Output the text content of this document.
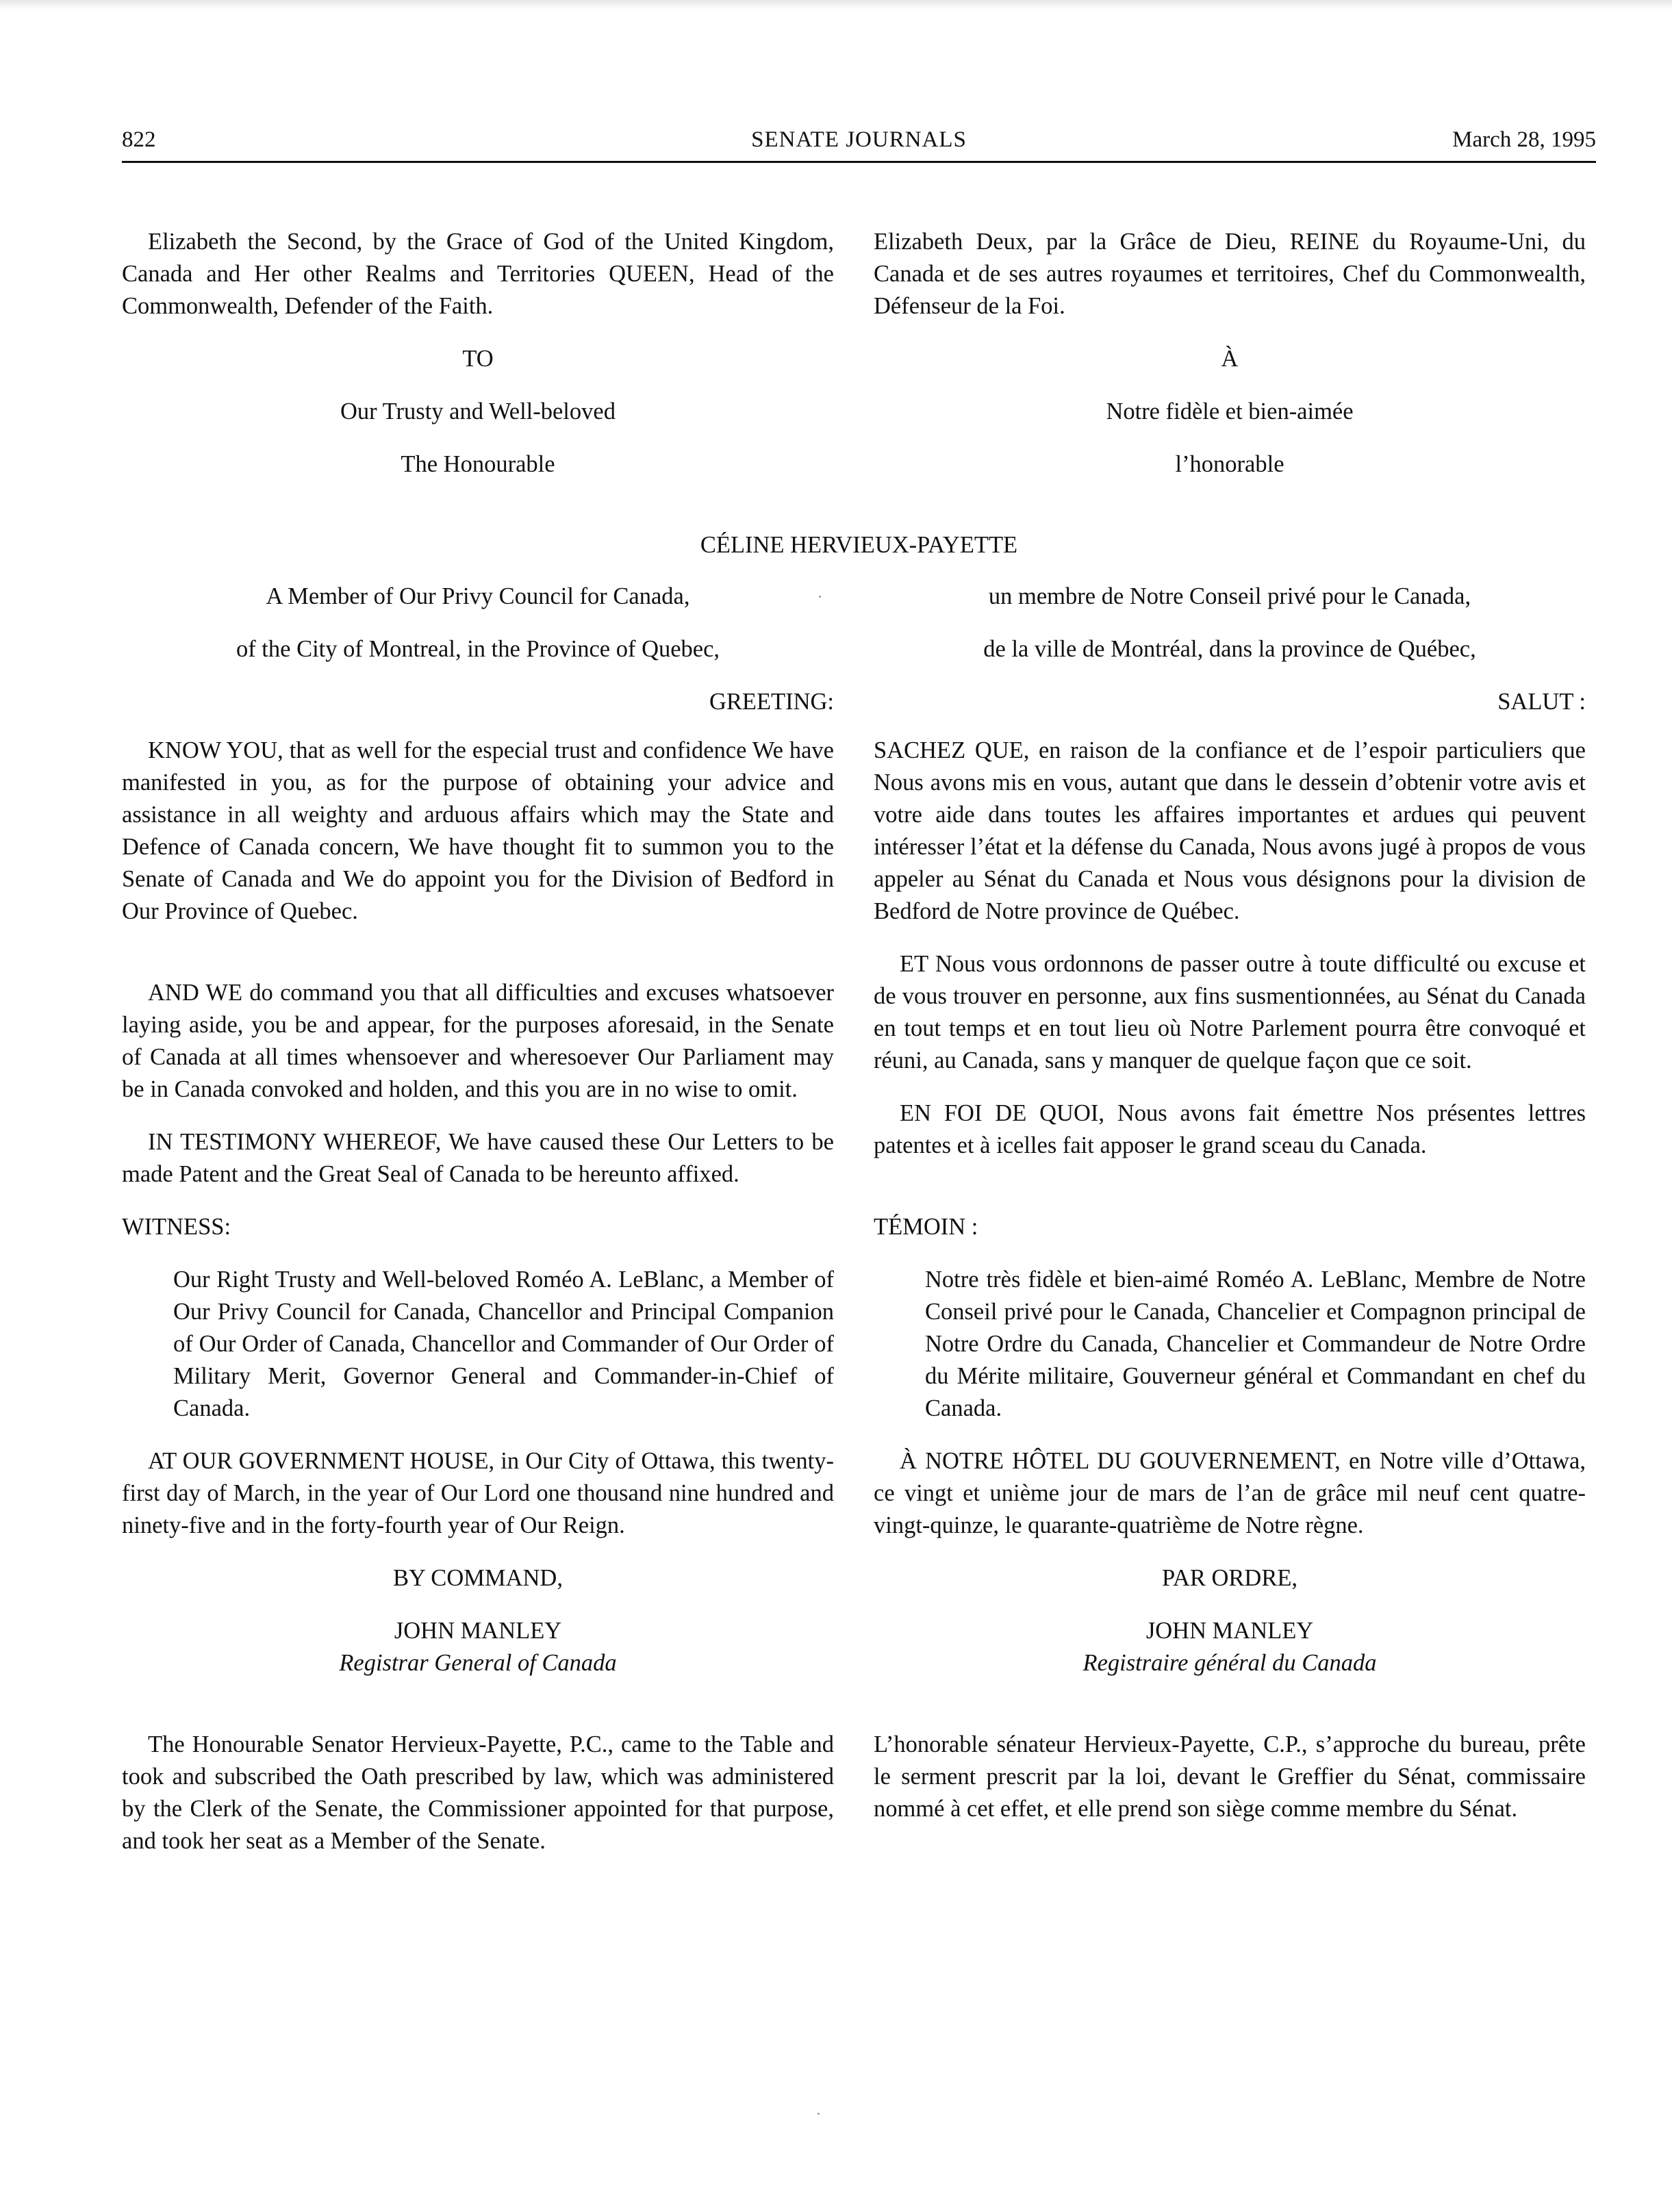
822	SENATE JOURNALS	March 28, 1995

Elizabeth the Second, by the Grace of God of the United Kingdom, Canada and Her other Realms and Territories QUEEN, Head of the Commonwealth, Defender of the Faith.

TO

Our Trusty and Well-beloved

The Honourable

A Member of Our Privy Council for Canada,

of the City of Montreal, in the Province of Quebec,

GREETING:

KNOW YOU, that as well for the especial trust and confidence We have manifested in you, as for the purpose of obtaining your advice and assistance in all weighty and arduous affairs which may the State and Defence of Canada concern, We have thought fit to summon you to the Senate of Canada and We do appoint you for the Division of Bedford in Our Province of Quebec.

AND WE do command you that all difficulties and excuses whatsoever laying aside, you be and appear, for the purposes aforesaid, in the Senate of Canada at all times whensoever and wheresoever Our Parliament may be in Canada convoked and holden, and this you are in no wise to omit.

IN TESTIMONY WHEREOF, We have caused these Our Letters to be made Patent and the Great Seal of Canada to be hereunto affixed.

WITNESS:

Our Right Trusty and Well-beloved Roméo A. LeBlanc, a Member of Our Privy Council for Canada, Chancellor and Principal Companion of Our Order of Canada, Chancellor and Commander of Our Order of Military Merit, Governor General and Commander-in-Chief of Canada.

AT OUR GOVERNMENT HOUSE, in Our City of Ottawa, this twenty-first day of March, in the year of Our Lord one thousand nine hundred and ninety-five and in the forty-fourth year of Our Reign.

BY COMMAND,

JOHN MANLEY

Registrar General of Canada

The Honourable Senator Hervieux-Payette, P.C., came to the Table and took and subscribed the Oath prescribed by law, which was administered by the Clerk of the Senate, the Commissioner appointed for that purpose, and took her seat as a Member of the Senate.

CÉLINE HERVIEUX-PAYETTE

Elizabeth Deux, par la Grâce de Dieu, REINE du Royaume-Uni, du Canada et de ses autres royaumes et territoires, Chef du Commonwealth, Défenseur de la Foi.

À

Notre fidèle et bien-aimée

l’honorable

un membre de Notre Conseil privé pour le Canada,

de la ville de Montréal, dans la province de Québec,

SALUT :

SACHEZ QUE, en raison de la confiance et de l’espoir particuliers que Nous avons mis en vous, autant que dans le dessein d’obtenir votre avis et votre aide dans toutes les affaires importantes et ardues qui peuvent intéresser l’état et la défense du Canada, Nous avons jugé à propos de vous appeler au Sénat du Canada et Nous vous désignons pour la division de Bedford de Notre province de Québec.

ET Nous vous ordonnons de passer outre à toute difficulté ou excuse et de vous trouver en personne, aux fins susmentionnées, au Sénat du Canada en tout temps et en tout lieu où Notre Parlement pourra être convoqué et réuni, au Canada, sans y manquer de quelque façon que ce soit.

EN FOI DE QUOI, Nous avons fait émettre Nos présentes lettres patentes et à icelles fait apposer le grand sceau du Canada.

TÉMOIN :

Notre très fidèle et bien-aimé Roméo A. LeBlanc, Membre de Notre Conseil privé pour le Canada, Chancelier et Compagnon principal de Notre Ordre du Canada, Chancelier et Commandeur de Notre Ordre du Mérite militaire, Gouverneur général et Commandant en chef du Canada.

À NOTRE HÔTEL DU GOUVERNEMENT, en Notre ville d’Ottawa, ce vingt et unième jour de mars de l’an de grâce mil neuf cent quatre-vingt-quinze, le quarante-quatrième de Notre règne.

PAR ORDRE,

JOHN MANLEY

Registraire général du Canada

L’honorable sénateur Hervieux-Payette, C.P., s’approche du bureau, prête le serment prescrit par la loi, devant le Greffier du Sénat, commissaire nommé à cet effet, et elle prend son siège comme membre du Sénat.
